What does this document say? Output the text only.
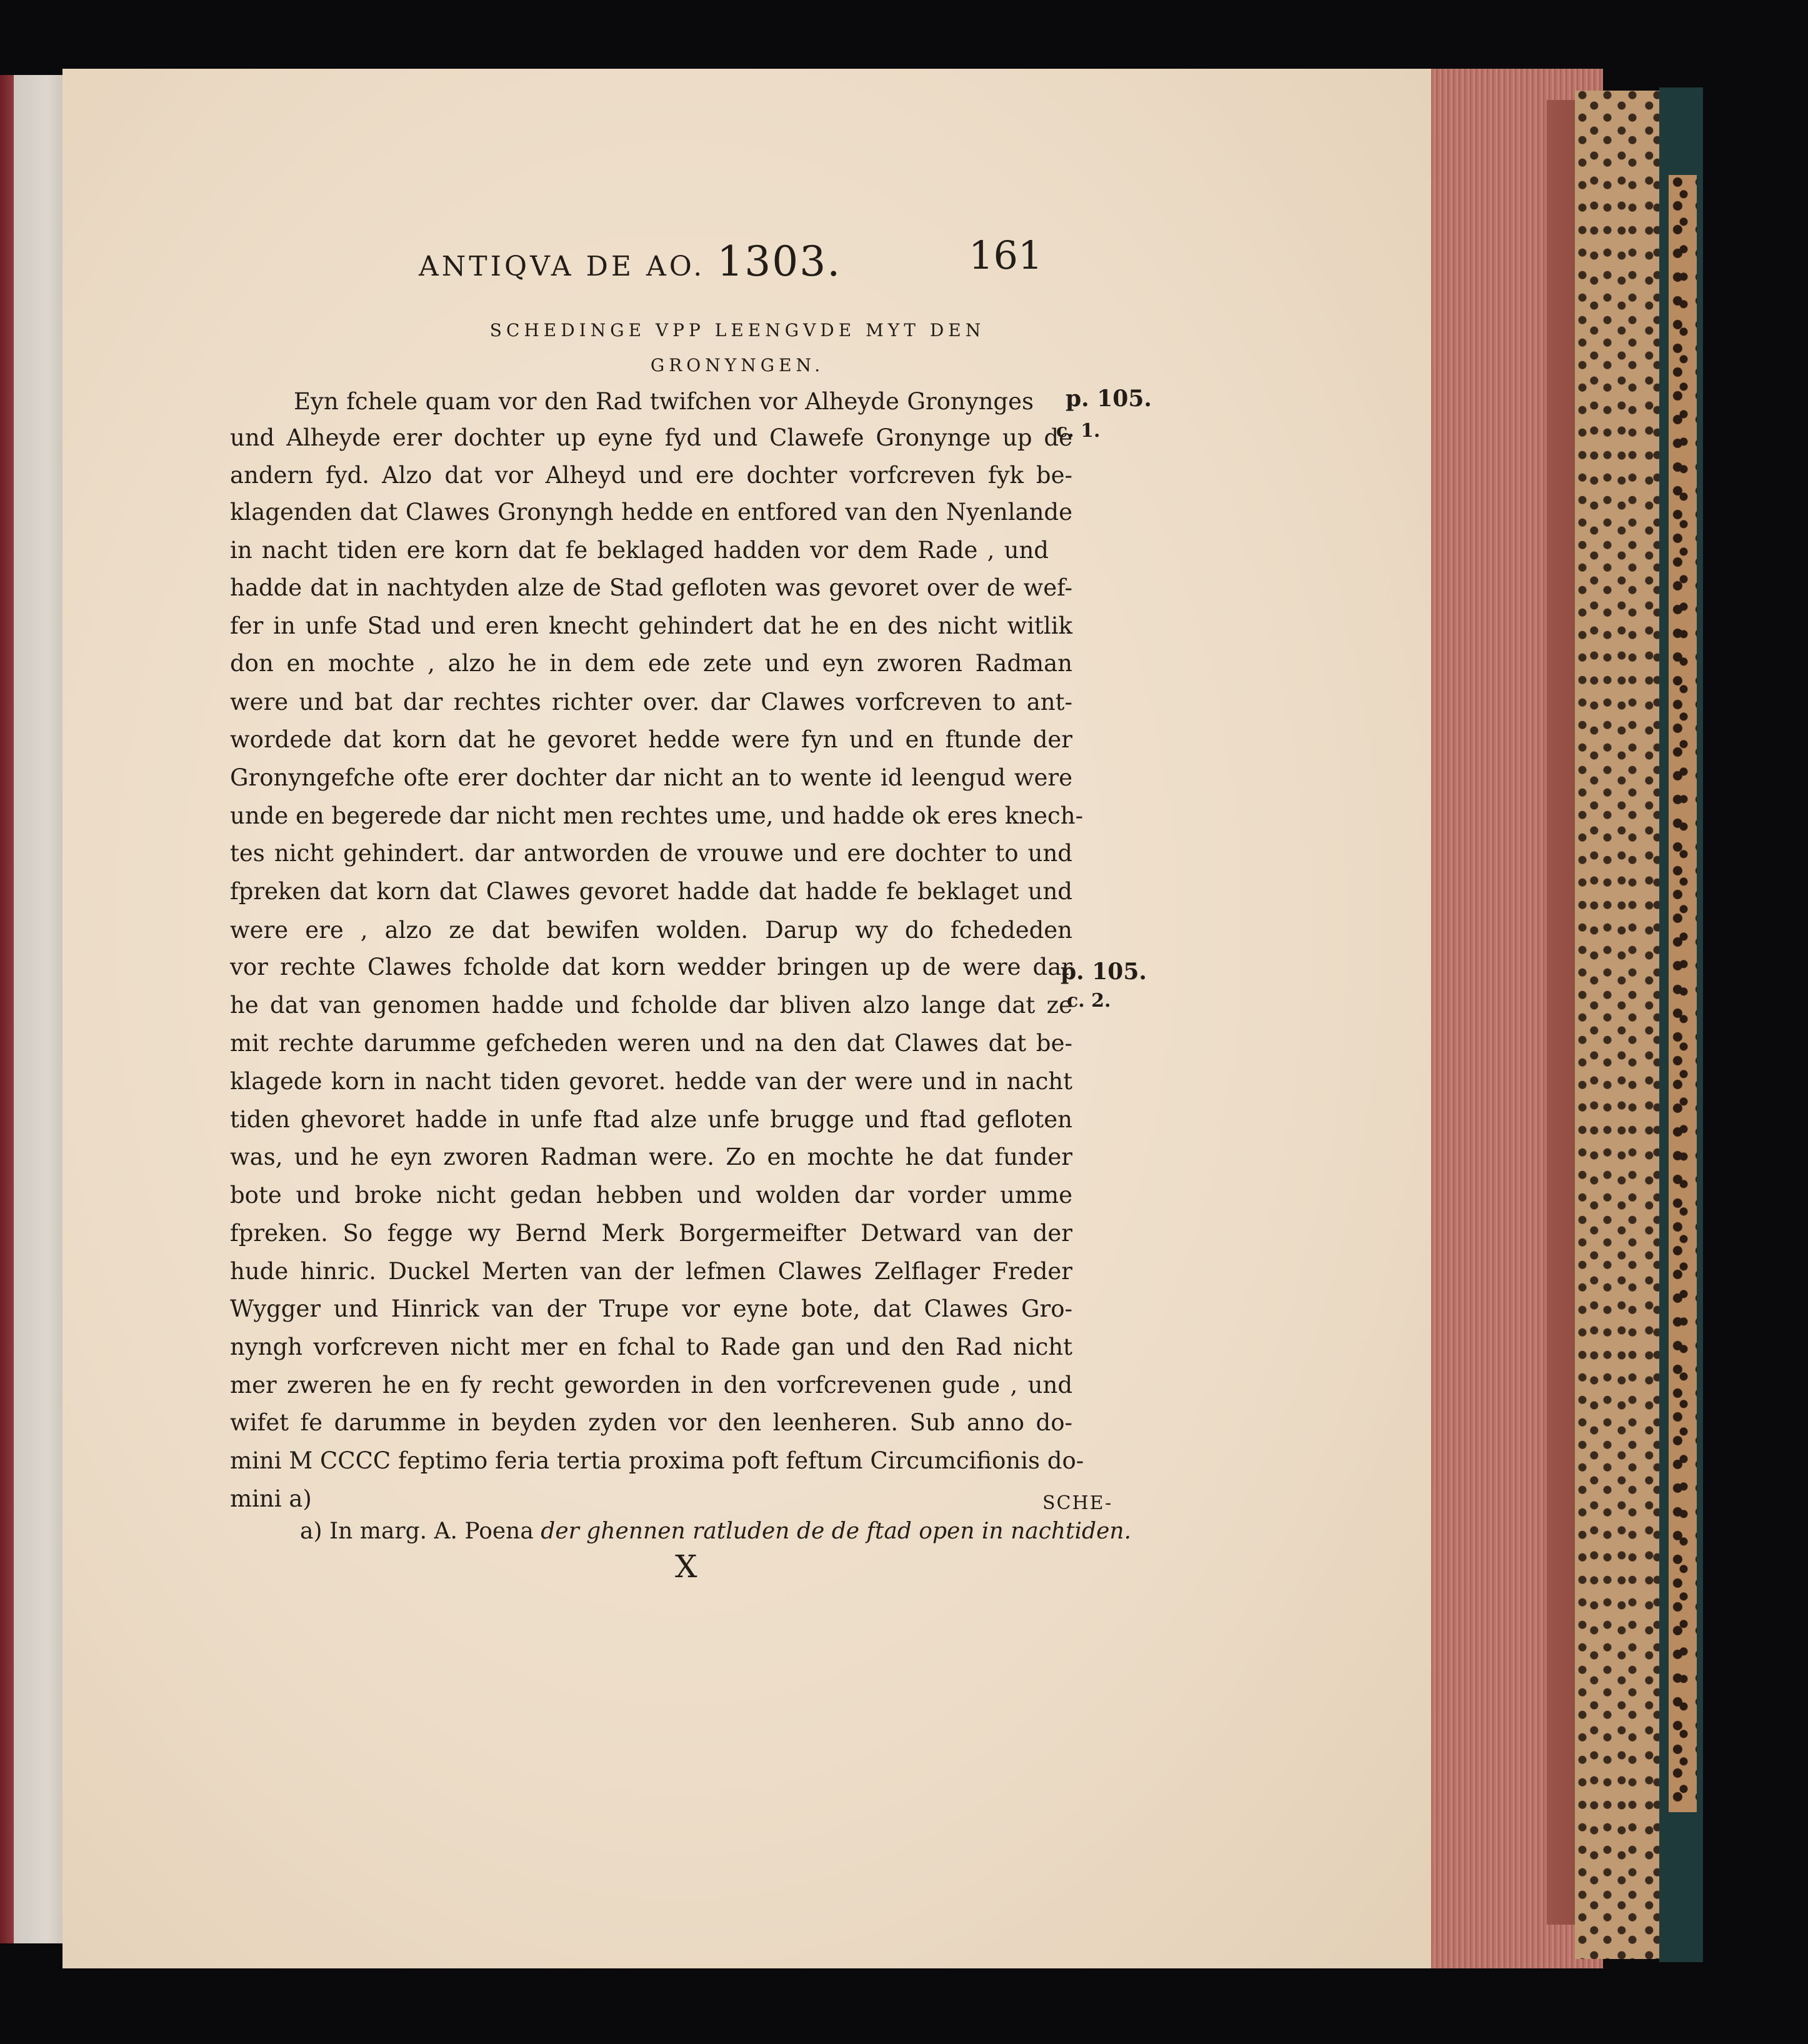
ANTIQVA DE AO. 1303.	161
SCHEDINGE VPP LEENGVDE MYT DEN
GRONYNGEN.
Eyn fchele quam vor den Rad twifchen vor Alheyde Gronynges
und Alheyde erer dochter up eyne fyd und Clawefe Gronynge up de
andern fyd. Alzo dat vor Alheyd und ere dochter vorfcreven fyk be-
klagenden dat Clawes Gronyngh hedde en entfored van den Nyenlande
in nacht tiden ere korn dat fe beklaged hadden vor dem Rade , und
hadde dat in nachtyden alze de Stad gefloten was gevoret over de wef-
fer in unfe Stad und eren knecht gehindert dat he en des nicht witlik
don en mochte , alzo he in dem ede zete und eyn zworen Radman
were und bat dar rechtes richter over. dar Clawes vorfcreven to ant-
wordede dat korn dat he gevoret hedde were fyn und en ftunde der
Gronyngefche ofte erer dochter dar nicht an to wente id leengud were
unde en begerede dar nicht men rechtes ume, und hadde ok eres knech-
tes nicht gehindert. dar antworden de vrouwe und ere dochter to und
fpreken dat korn dat Clawes gevoret hadde dat hadde fe beklaget und
were ere , alzo ze dat bewifen wolden. Darup wy do fchededen
vor rechte Clawes fcholde dat korn wedder bringen up de were dar
he dat van genomen hadde und fcholde dar bliven alzo lange dat ze
mit rechte darumme gefcheden weren und na den dat Clawes dat be-
klagede korn in nacht tiden gevoret. hedde van der were und in nacht
tiden ghevoret hadde in unfe ftad alze unfe brugge und ftad gefloten
was, und he eyn zworen Radman were. Zo en mochte he dat funder
bote und broke nicht gedan hebben und wolden dar vorder umme
fpreken. So fegge wy Bernd Merk Borgermeifter Detward van der
hude hinric. Duckel Merten van der lefmen Clawes Zelflager Freder
Wygger und Hinrick van der Trupe vor eyne bote, dat Clawes Gro-
nyngh vorfcreven nicht mer en fchal to Rade gan und den Rad nicht
mer zweren he en fy recht geworden in den vorfcrevenen gude , und
wifet fe darumme in beyden zyden vor den leenheren. Sub anno do-
mini M CCCC feptimo feria tertia proxima poft feftum Circumcifionis do-
mini a)
p. 105.
c. 1.
p. 105.
c. 2.
SCHE-
a) In marg. A. Poena der ghennen ratluden de de ftad open in nachtiden.
X
